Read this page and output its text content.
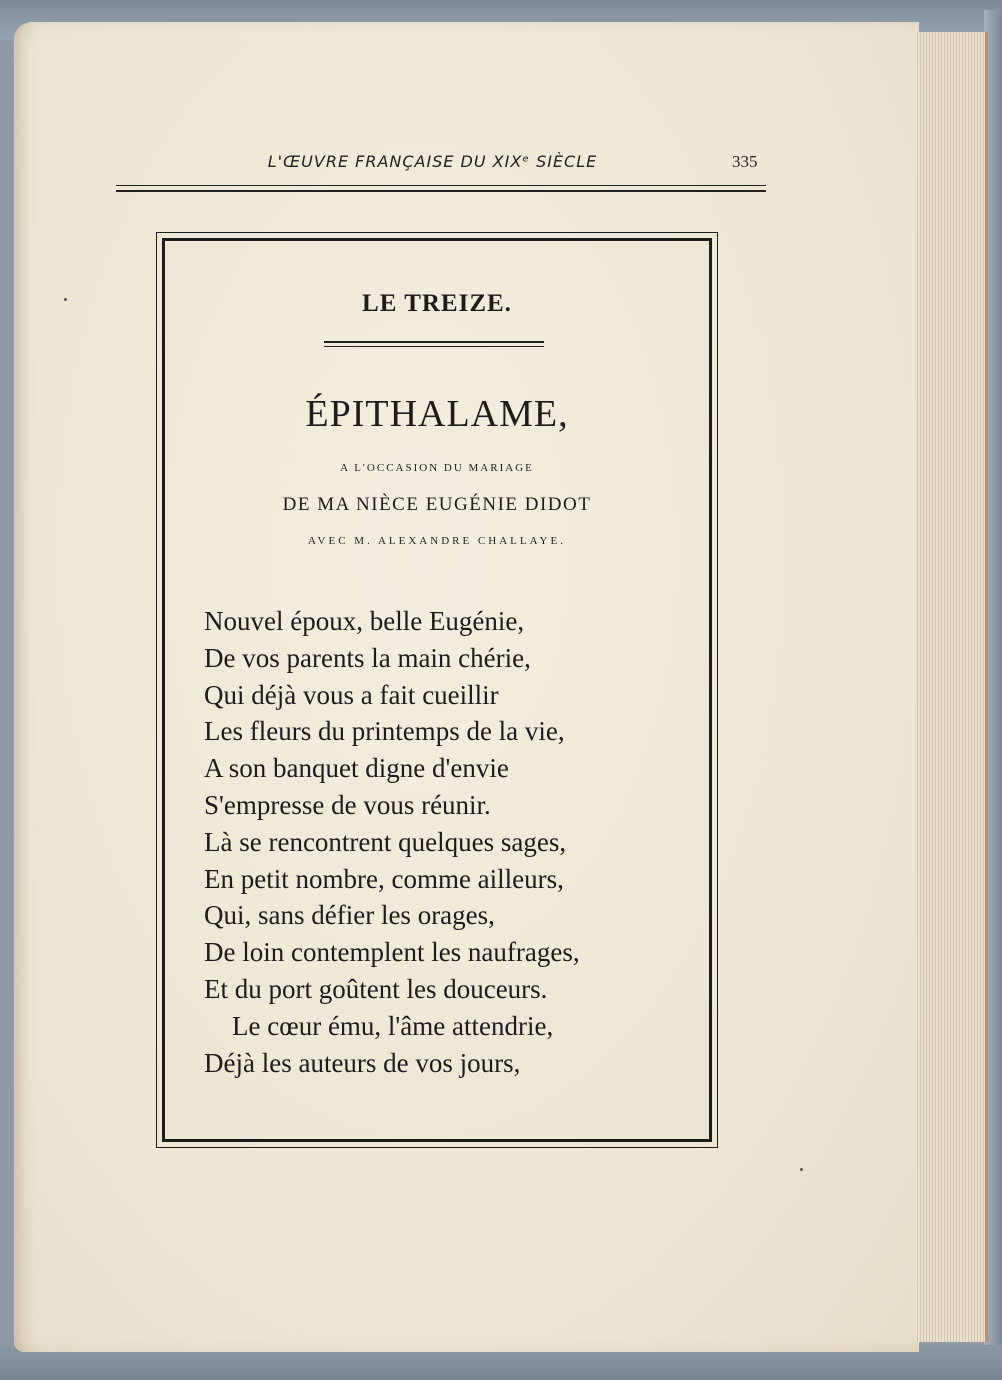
L'ŒUVRE FRANÇAISE DU XIXᵉ SIÈCLE	335
LE TREIZE.
ÉPITHALAME,
A L'OCCASION DU MARIAGE
DE MA NIÈCE EUGÉNIE DIDOT
AVEC M. ALEXANDRE CHALLAYE.
Nouvel époux, belle Eugénie,
De vos parents la main chérie,
Qui déjà vous a fait cueillir
Les fleurs du printemps de la vie,
A son banquet digne d'envie
S'empresse de vous réunir.
Là se rencontrent quelques sages,
En petit nombre, comme ailleurs,
Qui, sans défier les orages,
De loin contemplent les naufrages,
Et du port goûtent les douceurs.
Le cœur ému, l'âme attendrie,
Déjà les auteurs de vos jours,
